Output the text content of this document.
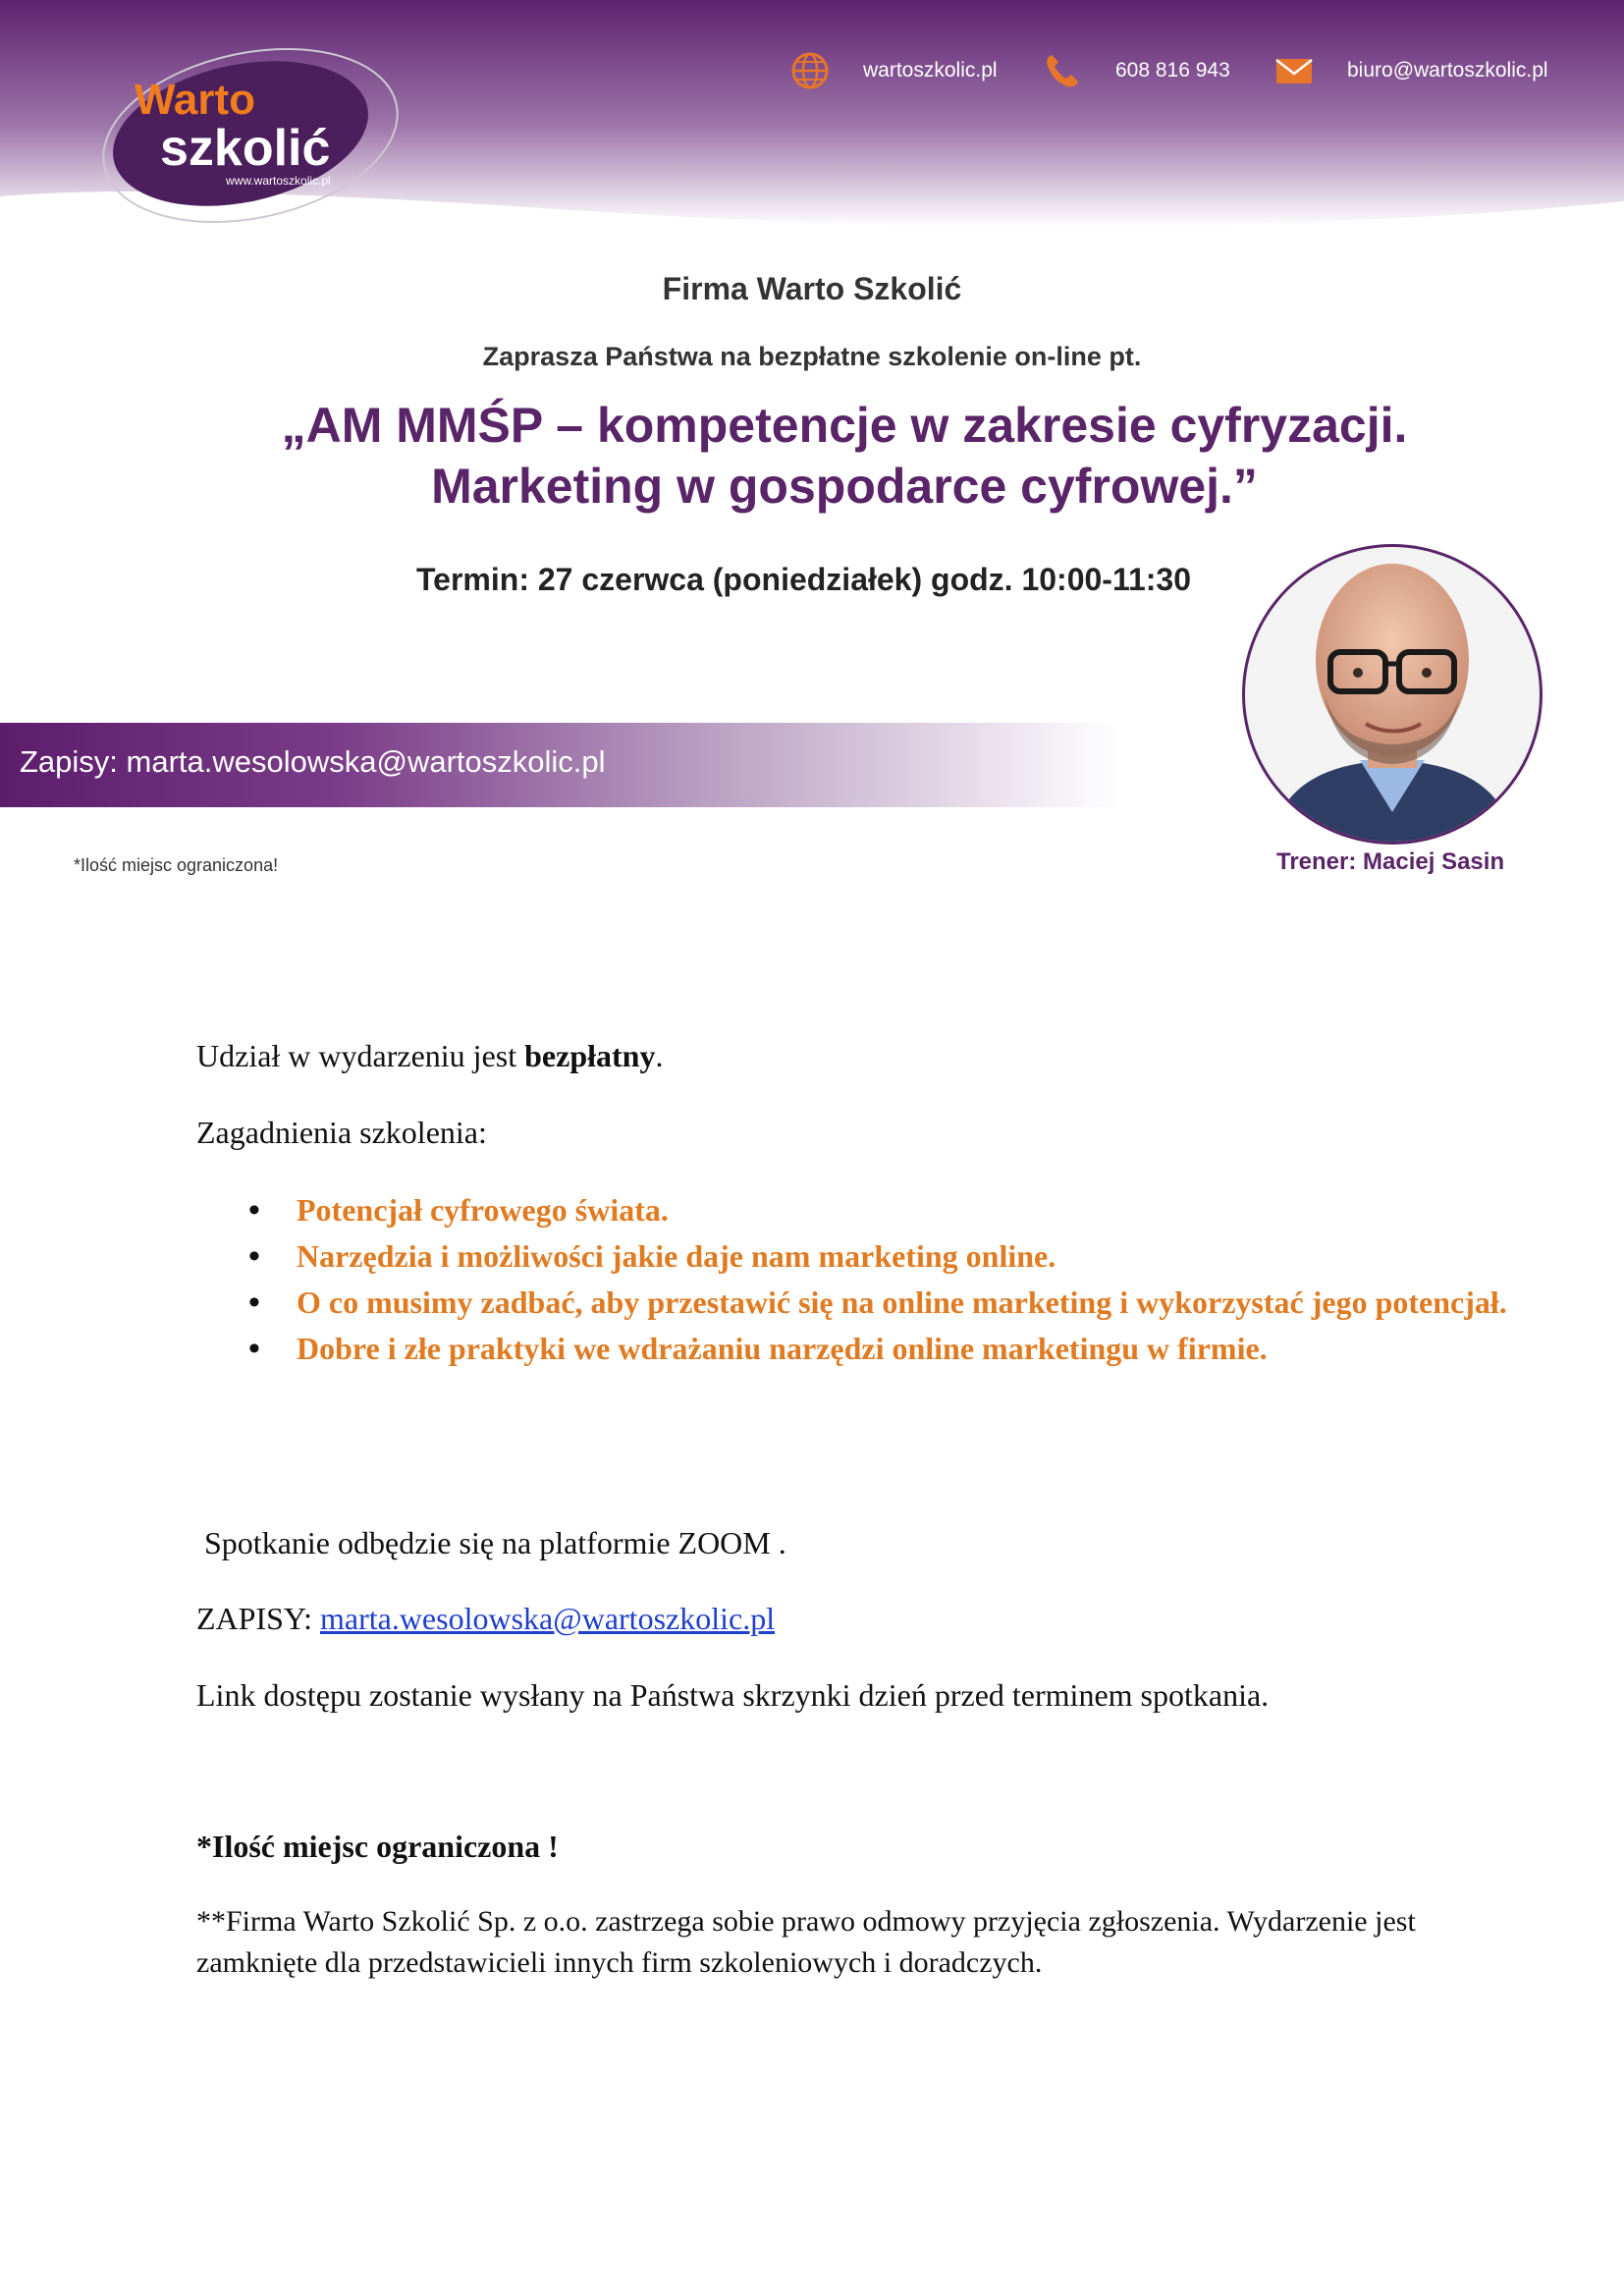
Warto
szkolić
www.wartoszkolic.pl
wartoszkolic.pl	608 816 943	biuro@wartoszkolic.pl
Firma Warto Szkolić
Zaprasza Państwa na bezpłatne szkolenie on-line pt.
„AM MMŚP – kompetencje w zakresie cyfryzacji.
Marketing w gospodarce cyfrowej.”
Termin: 27 czerwca (poniedziałek) godz. 10:00-11:30
Zapisy: marta.wesolowska@wartoszkolic.pl
*Ilość miejsc ograniczona!	Trener: Maciej Sasin
Udział w wydarzeniu jest bezpłatny.
Zagadnienia szkolenia:
• Potencjał cyfrowego świata.
• Narzędzia i możliwości jakie daje nam marketing online.
• O co musimy zadbać, aby przestawić się na online marketing i wykorzystać jego potencjał.
• Dobre i złe praktyki we wdrażaniu narzędzi online marketingu w firmie.
Spotkanie odbędzie się na platformie ZOOM .
ZAPISY: marta.wesolowska@wartoszkolic.pl
Link dostępu zostanie wysłany na Państwa skrzynki dzień przed terminem spotkania.
*Ilość miejsc ograniczona !
**Firma Warto Szkolić Sp. z o.o. zastrzega sobie prawo odmowy przyjęcia zgłoszenia. Wydarzenie jest zamknięte dla przedstawicieli innych firm szkoleniowych i doradczych.
